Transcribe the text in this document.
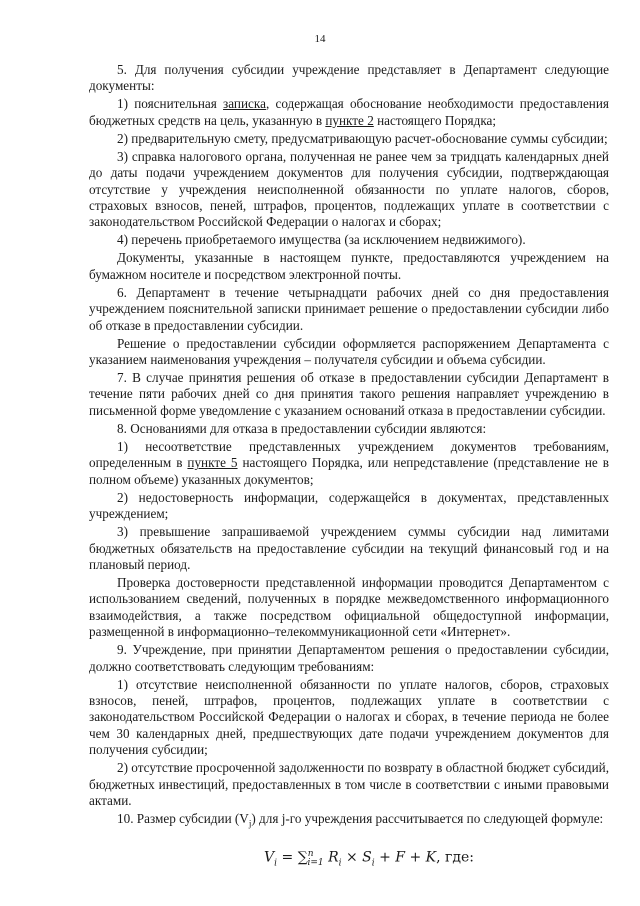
14

5. Для получения субсидии учреждение представляет в Департамент следующие документы:

1) пояснительная записка, содержащая обоснование необходимости предоставления бюджетных средств на цель, указанную в пункте 2 настоящего Порядка;

2) предварительную смету, предусматривающую расчет-обоснование суммы субсидии;

3) справка налогового органа, полученная не ранее чем за тридцать календарных дней до даты подачи учреждением документов для получения субсидии, подтверждающая отсутствие у учреждения неисполненной обязанности по уплате налогов, сборов, страховых взносов, пеней, штрафов, процентов, подлежащих уплате в соответствии с законодательством Российской Федерации о налогах и сборах;

4) перечень приобретаемого имущества (за исключением недвижимого).

Документы, указанные в настоящем пункте, предоставляются учреждением на бумажном носителе и посредством электронной почты.

6. Департамент в течение четырнадцати рабочих дней со дня предоставления учреждением пояснительной записки принимает решение о предоставлении субсидии либо об отказе в предоставлении субсидии.

Решение о предоставлении субсидии оформляется распоряжением Департамента с указанием наименования учреждения – получателя субсидии и объема субсидии.

7. В случае принятия решения об отказе в предоставлении субсидии Департамент в течение пяти рабочих дней со дня принятия такого решения направляет учреждению в письменной форме уведомление с указанием оснований отказа в предоставлении субсидии.

8. Основаниями для отказа в предоставлении субсидии являются:

1) несоответствие представленных учреждением документов требованиям, определенным в пункте 5 настоящего Порядка, или непредставление (представление не в полном объеме) указанных документов;

2) недостоверность информации, содержащейся в документах, представленных учреждением;

3) превышение запрашиваемой учреждением суммы субсидии над лимитами бюджетных обязательств на предоставление субсидии на текущий финансовый год и на плановый период.

Проверка достоверности представленной информации проводится Департаментом с использованием сведений, полученных в порядке межведомственного информационного взаимодействия, а также посредством официальной общедоступной информации, размещенной в информационно–телекоммуникационной сети «Интернет».

9. Учреждение, при принятии Департаментом решения о предоставлении субсидии, должно соответствовать следующим требованиям:

1) отсутствие неисполненной обязанности по уплате налогов, сборов, страховых взносов, пеней, штрафов, процентов, подлежащих уплате в соответствии с законодательством Российской Федерации о налогах и сборах, в течение периода не более чем 30 календарных дней, предшествующих дате подачи учреждением документов для получения субсидии;

2) отсутствие просроченной задолженности по возврату в областной бюджет субсидий, бюджетных инвестиций, предоставленных в том числе в соответствии с иными правовыми актами.

10. Размер субсидии $(V_j)$ для j-го учреждения рассчитывается по следующей формуле:

$V_i = \sum^n_{i=1}$ $R_i \times S_i + F + K$, где:
